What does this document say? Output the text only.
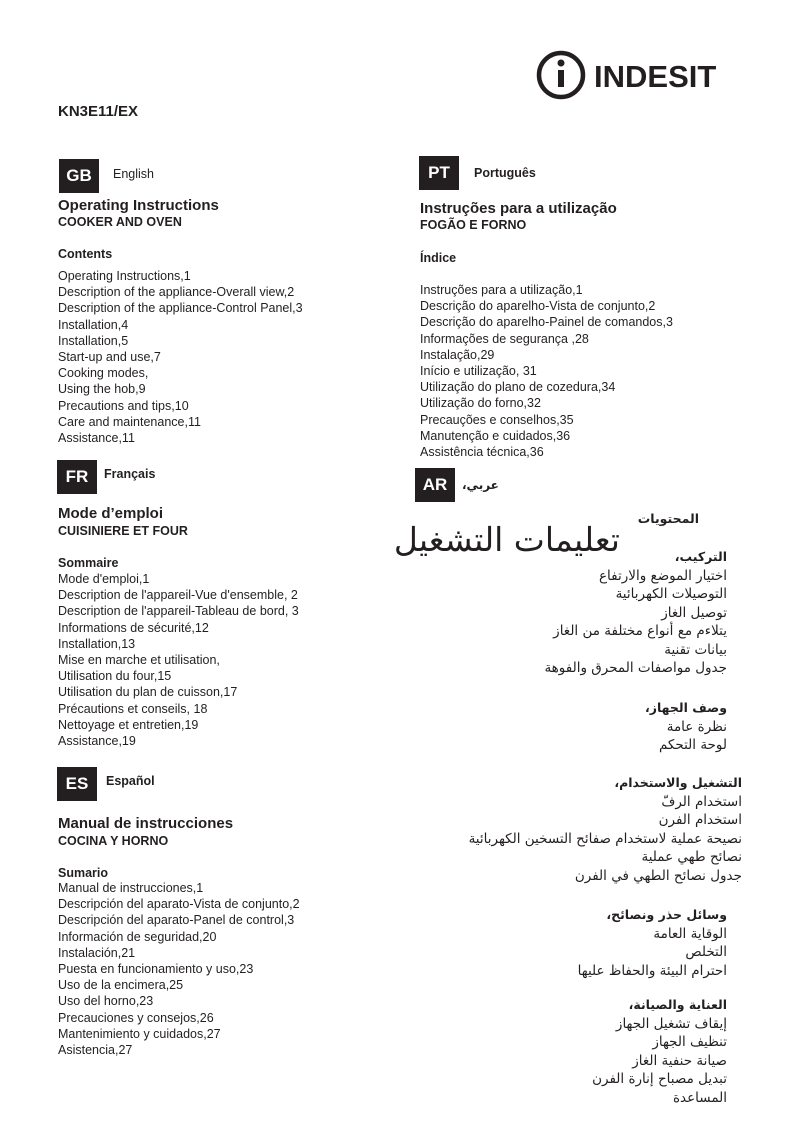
INDESIT
KN3E11/EX
GB	English
Operating Instructions
COOKER AND OVEN
Contents
Operating Instructions,1
Description of the appliance-Overall view,2
Description of the appliance-Control Panel,3
Installation,4
Installation,5
Start-up and use,7
Cooking modes,
Using the hob,9
Precautions and tips,10
Care and maintenance,11
Assistance,11
FR	Français
Mode d’emploi
CUISINIERE ET FOUR
Sommaire
Mode d'emploi,1
Description de l'appareil-Vue d'ensemble, 2
Description de l'appareil-Tableau de bord, 3
Informations de sécurité,12
Installation,13
Mise en marche et utilisation,
Utilisation du four,15
Utilisation du plan de cuisson,17
Précautions et conseils, 18
Nettoyage et entretien,19
Assistance,19
ES	Español
Manual de instrucciones
COCINA Y HORNO
Sumario
Manual de instrucciones,1
Descripción del aparato-Vista de conjunto,2
Descripción del aparato-Panel de control,3
Información de seguridad,20
Instalación,21
Puesta en funcionamiento y uso,23
Uso de la encimera,25
Uso del horno,23
Precauciones y consejos,26
Mantenimiento y cuidados,27
Asistencia,27
PT	Português
Instruções para a utilização
FOGÃO E FORNO
Índice
Instruções para a utilização,1
Descrição do aparelho-Vista de conjunto,2
Descrição do aparelho-Painel de comandos,3
Informações de segurança ,28
Instalação,29
Início e utilização, 31
Utilização do plano de cozedura,34
Utilização do forno,32
Precauções e conselhos,35
Manutenção e cuidados,36
Assistência técnica,36
AR	عربي،
تعليمات التشغيل
المحتويات
التركيب،
اختيار الموضع والارتفاع
التوصيلات الكهربائية
توصيل الغاز
يتلاءم مع أنواع مختلفة من الغاز
بيانات تقنية
جدول مواصفات المحرق والفوهة
وصف الجهاز،
نظرة عامة
لوحة التحكم
التشغيل والاستخدام،
استخدام الرفّ
استخدام الفرن
نصيحة عملية لاستخدام صفائح التسخين الكهربائية
نصائح طهي عملية
جدول نصائح الطهي في الفرن
وسائل حذر ونصائح،
الوقاية العامة
التخلص
احترام البيئة والحفاظ عليها
العناية والصيانة،
إيقاف تشغيل الجهاز
تنظيف الجهاز
صيانة حنفية الغاز
تبديل مصباح إنارة الفرن
المساعدة
